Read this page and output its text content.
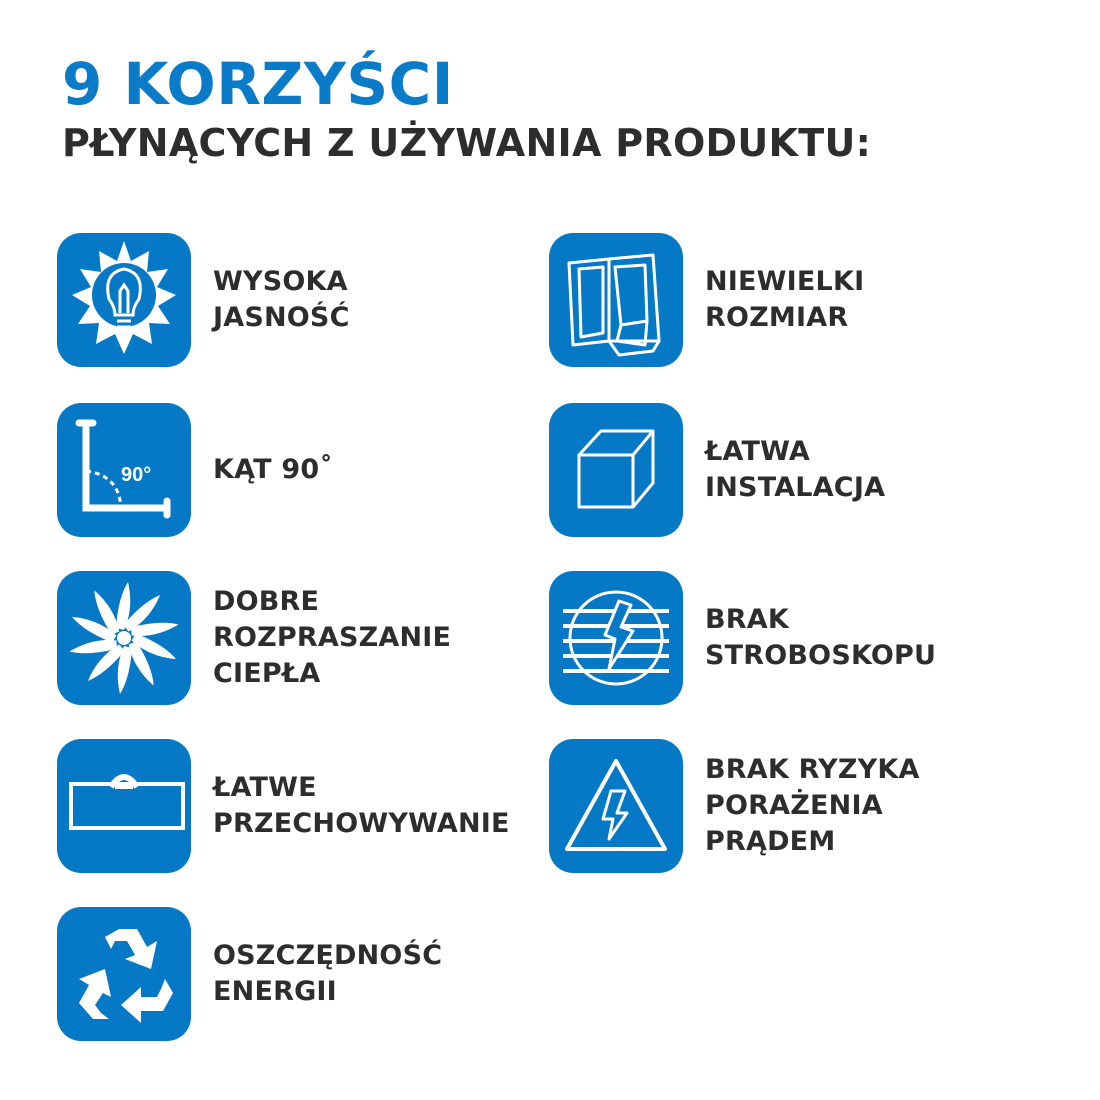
9 KORZYŚCI
PŁYNĄCYCH Z UŻYWANIA PRODUKTU:
WYSOKA
JASNOŚĆ
90° KĄT 90˚
DOBRE
ROZPRASZANIE
CIEPŁA
ŁATWE
PRZECHOWYWANIE
OSZCZĘDNOŚĆ
ENERGII
NIEWIELKI
ROZMIAR
ŁATWA
INSTALACJA
BRAK
STROBOSKOPU
BRAK RYZYKA
PORAŻENIA
PRĄDEM
